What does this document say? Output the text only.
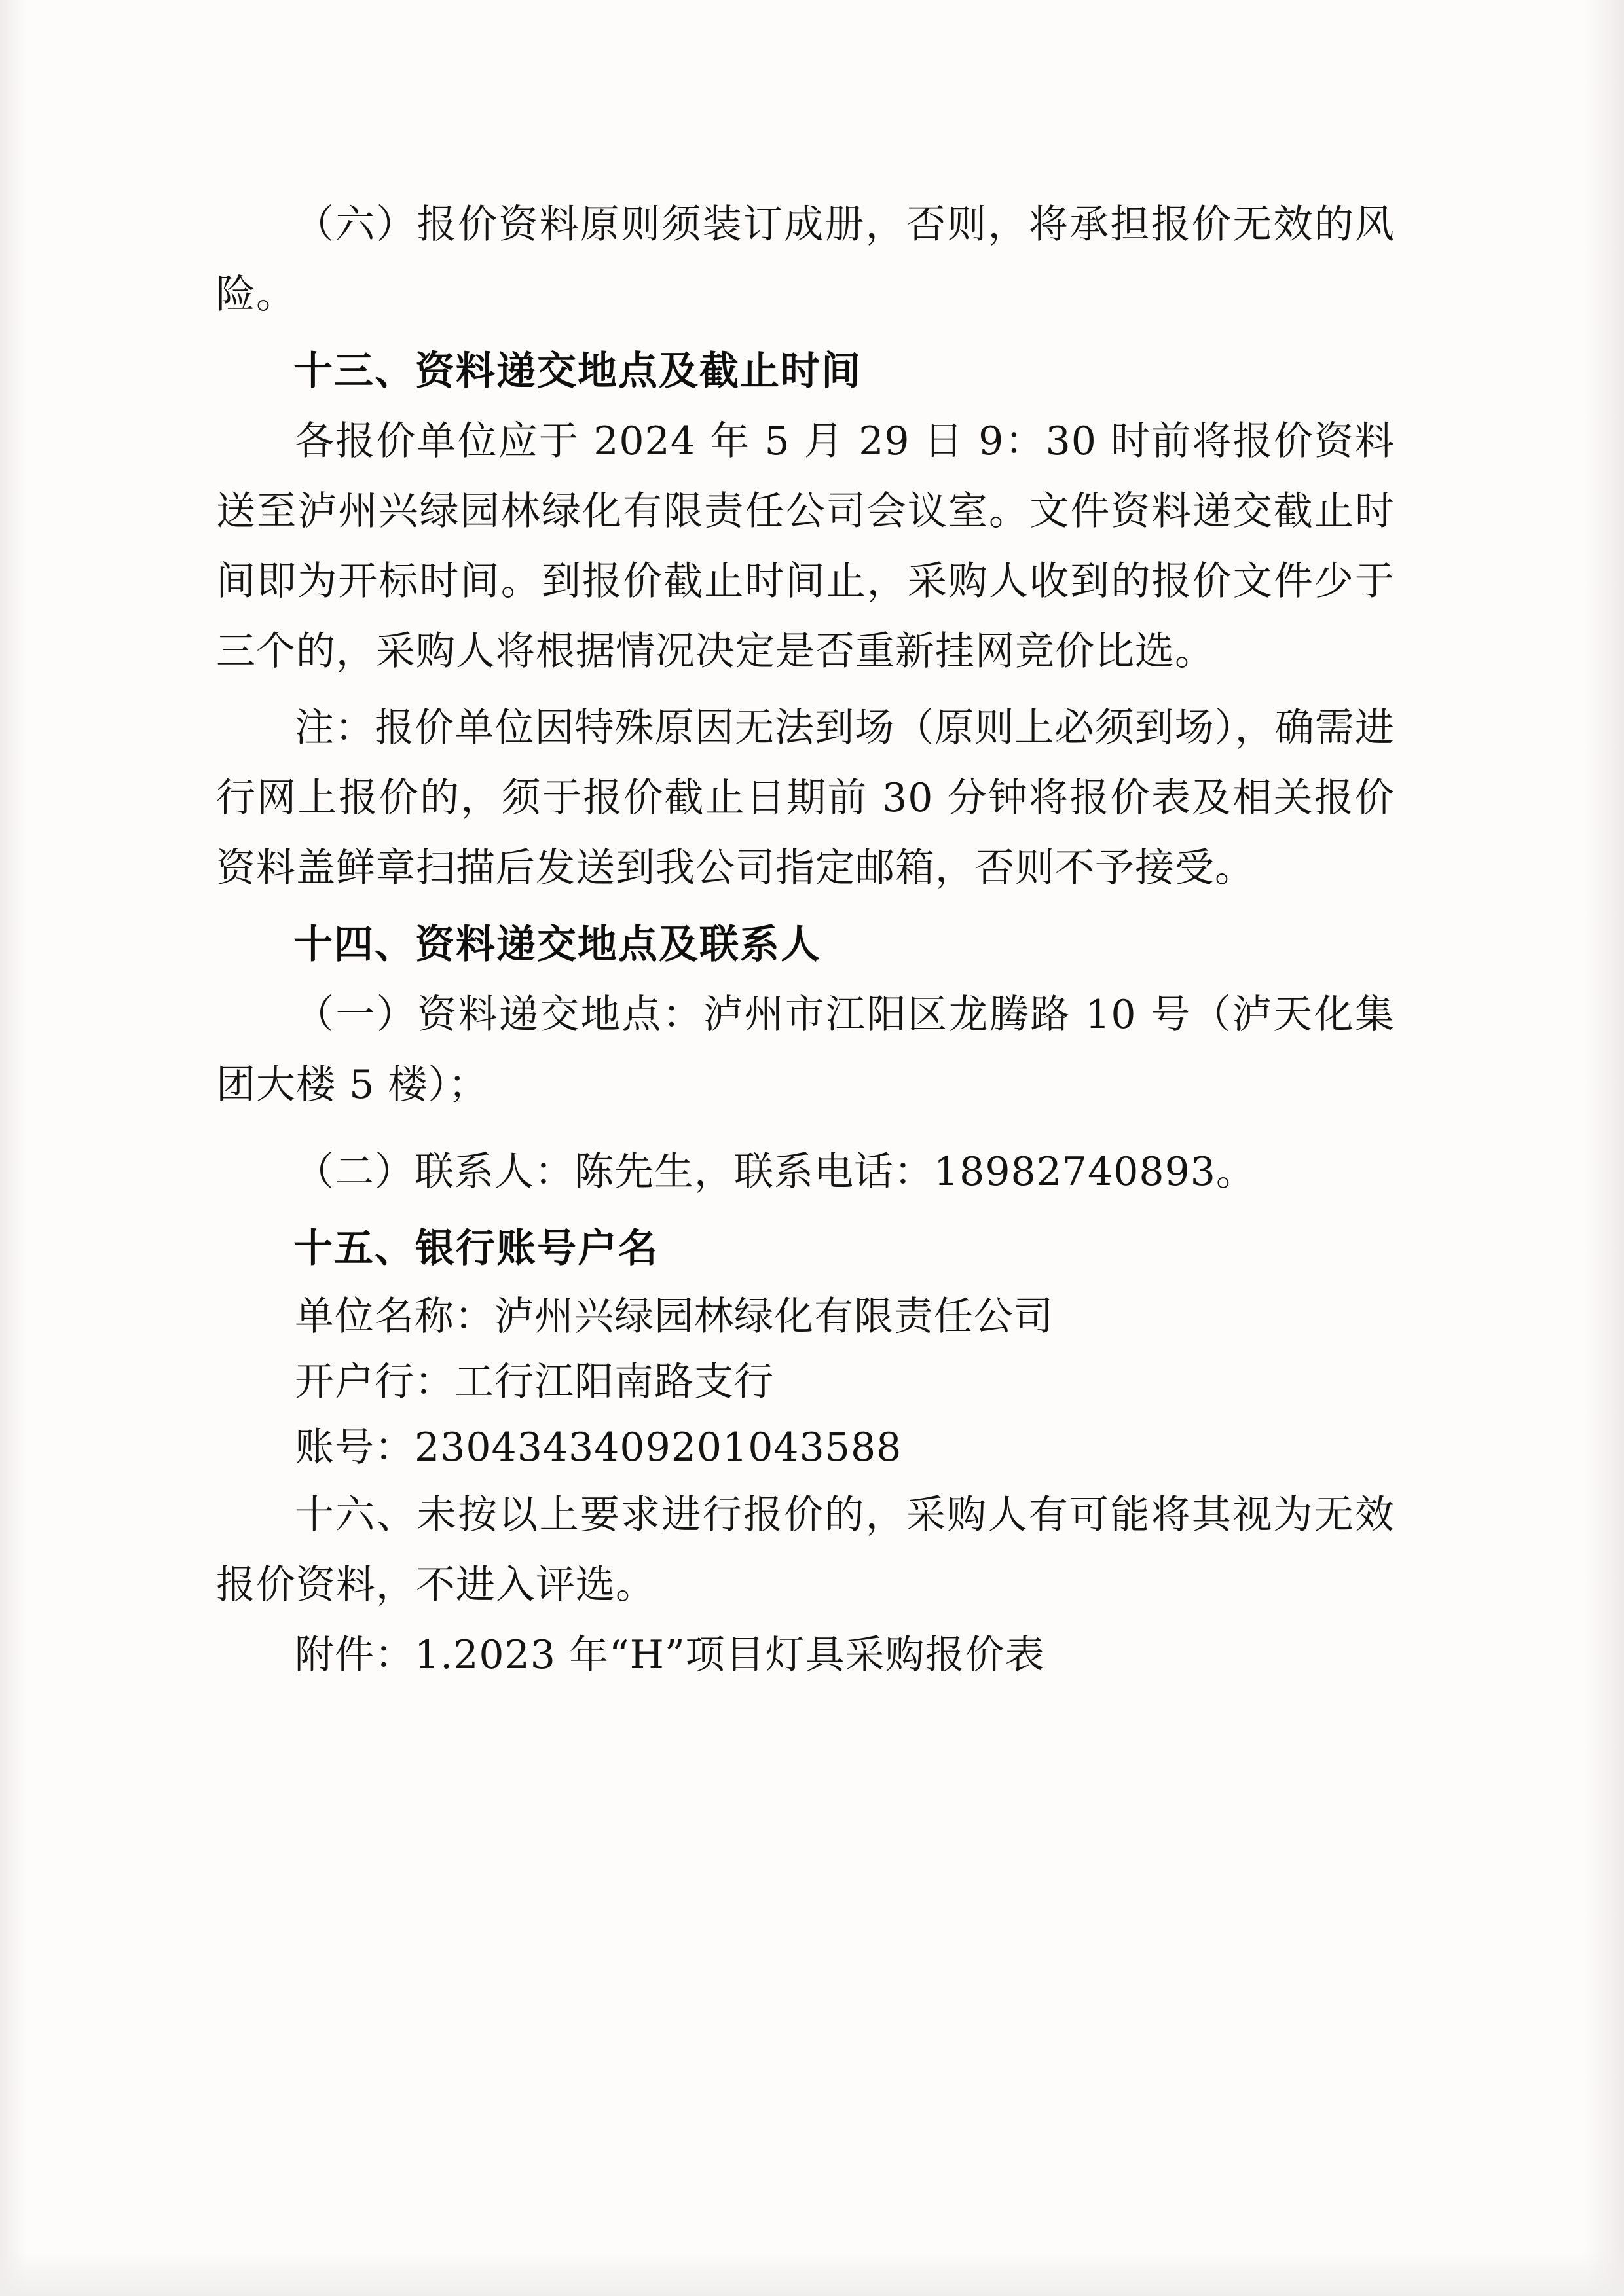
（六）报价资料原则须装订成册，否则，将承担报价无效的风险。

十三、资料递交地点及截止时间

各报价单位应于 2024 年 5 月 29 日 9：30 时前将报价资料送至泸州兴绿园林绿化有限责任公司会议室。文件资料递交截止时间即为开标时间。到报价截止时间止，采购人收到的报价文件少于三个的，采购人将根据情况决定是否重新挂网竞价比选。

注：报价单位因特殊原因无法到场（原则上必须到场），确需进行网上报价的，须于报价截止日期前 30 分钟将报价表及相关报价资料盖鲜章扫描后发送到我公司指定邮箱，否则不予接受。

十四、资料递交地点及联系人

（一）资料递交地点：泸州市江阳区龙腾路 10 号（泸天化集团大楼 5 楼）；

（二）联系人：陈先生，联系电话：18982740893。

十五、银行账号户名

单位名称：泸州兴绿园林绿化有限责任公司

开户行：工行江阳南路支行

账号：2304343409201043588

十六、未按以上要求进行报价的，采购人有可能将其视为无效报价资料，不进入评选。

附件：1.2023 年“H”项目灯具采购报价表
